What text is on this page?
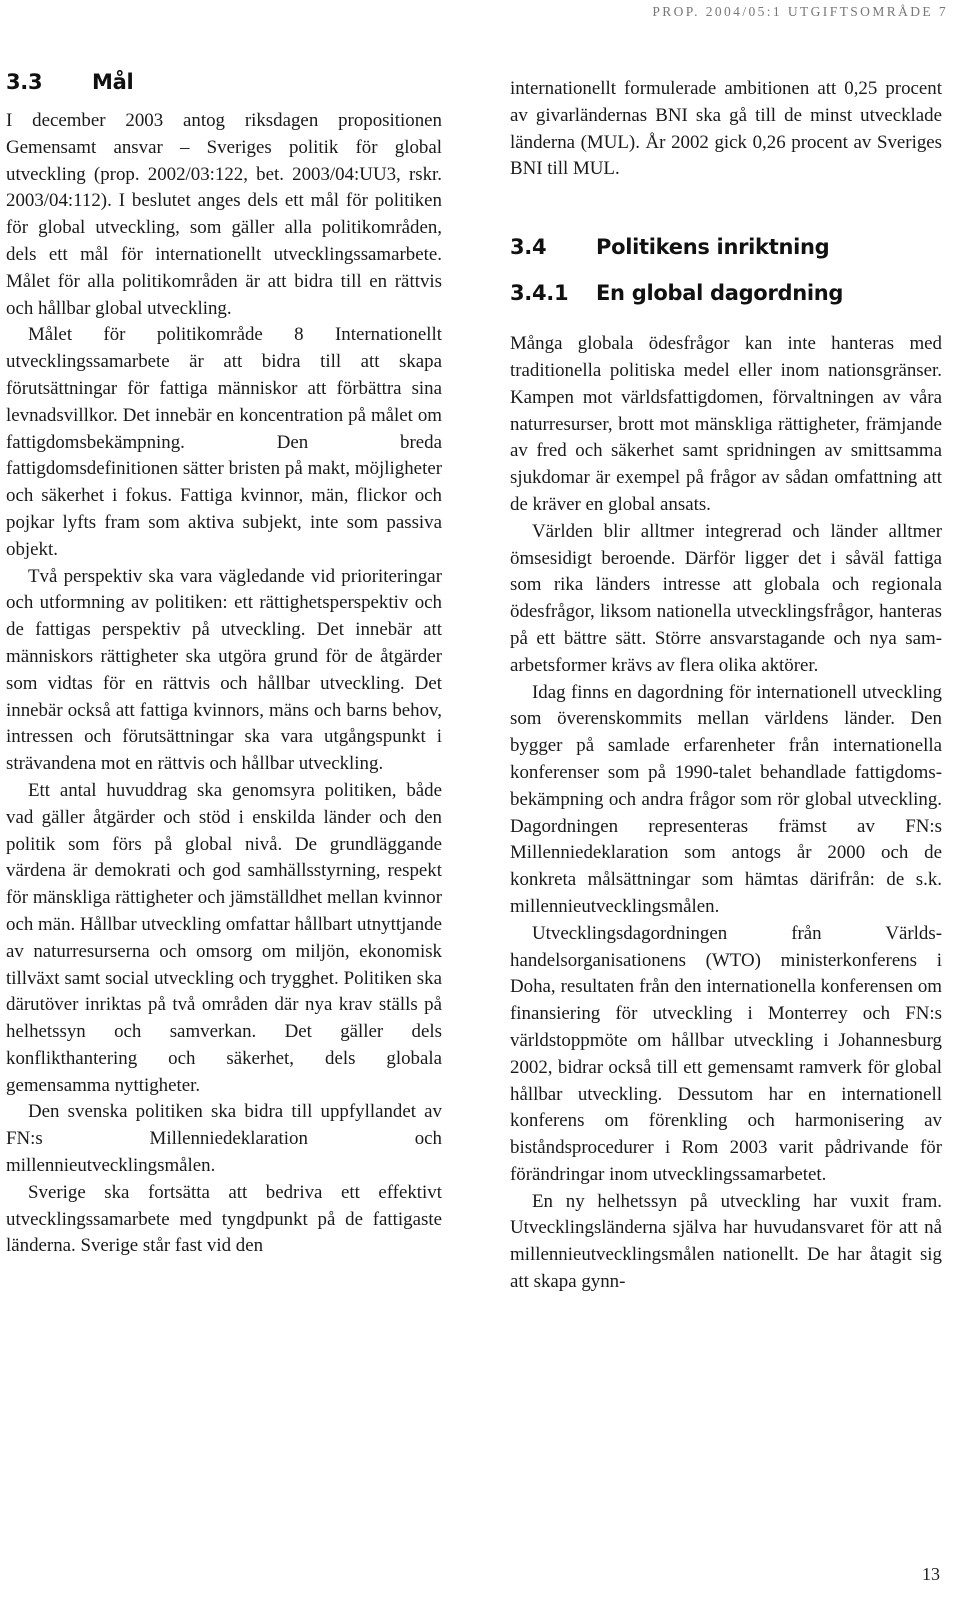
PROP. 2004/05:1 UTGIFTSOMRÅDE 7
3.3 Mål

I december 2003 antog riksdagen propositionen Gemensamt ansvar – Sveriges politik för global utveckling (prop. 2002/03:122, bet. 2003/04:UU3, rskr. 2003/04:112). I beslutet anges dels ett mål för politiken för global utveckling, som gäller alla politikområden, dels ett mål för internationellt utvecklingssamarbete. Målet för alla politikområden är att bidra till en rättvis och hållbar global utveckling.

Målet för politikområde 8 Internationellt utvecklingssamarbete är att bidra till att skapa förutsättningar för fattiga människor att förbättra sina levnadsvillkor. Det innebär en koncentration på målet om fattigdomsbekämpning. Den breda fattigdomsdefinitionen sätter bristen på makt, möjligheter och säkerhet i fokus. Fattiga kvinnor, män, flickor och pojkar lyfts fram som aktiva subjekt, inte som passiva objekt.

Två perspektiv ska vara vägledande vid prioriteringar och utformning av politiken: ett rättighetsperspektiv och de fattigas perspektiv på utveckling. Det innebär att människors rättigheter ska utgöra grund för de åtgärder som vidtas för en rättvis och hållbar utveckling. Det innebär också att fattiga kvinnors, mäns och barns behov, intressen och förutsättningar ska vara utgångspunkt i strävandena mot en rättvis och hållbar utveckling.

Ett antal huvuddrag ska genomsyra politiken, både vad gäller åtgärder och stöd i enskilda länder och den politik som förs på global nivå. De grundläggande värdena är demokrati och god samhällsstyrning, respekt för mänskliga rättigheter och jämställdhet mellan kvinnor och män. Hållbar utveckling omfattar hållbart utnyttjande av naturresurserna och omsorg om miljön, ekonomisk tillväxt samt social utveckling och trygghet. Politiken ska därutöver inriktas på två områden där nya krav ställs på helhetssyn och samverkan. Det gäller dels konflikthantering och säkerhet, dels globala gemensamma nyttigheter.

Den svenska politiken ska bidra till uppfyllandet av FN:s Millenniedeklaration och millennieutvecklingsmålen.

Sverige ska fortsätta att bedriva ett effektivt utvecklingssamarbete med tyngdpunkt på de fattigaste länderna. Sverige står fast vid den

internationellt formulerade ambitionen att 0,25 procent av givarländernas BNI ska gå till de minst utvecklade länderna (MUL). År 2002 gick 0,26 procent av Sveriges BNI till MUL.

3.4 Politikens inriktning
3.4.1 En global dagordning

Många globala ödesfrågor kan inte hanteras med traditionella politiska medel eller inom nationsgränser. Kampen mot världsfattigdomen, förvaltningen av våra naturresurser, brott mot mänskliga rättigheter, främjande av fred och säkerhet samt spridningen av smittsamma sjukdomar är exempel på frågor av sådan omfattning att de kräver en global ansats.

Världen blir alltmer integrerad och länder alltmer ömsesidigt beroende. Därför ligger det i såväl fattiga som rika länders intresse att globala och regionala ödesfrågor, liksom nationella utvecklingsfrågor, hanteras på ett bättre sätt. Större ansvarstagande och nya samarbetsformer krävs av flera olika aktörer.

Idag finns en dagordning för internationell utveckling som överenskommits mellan världens länder. Den bygger på samlade erfarenheter från internationella konferenser som på 1990-talet behandlade fattigdomsbekämpning och andra frågor som rör global utveckling. Dagordningen representeras främst av FN:s Millenniedeklaration som antogs år 2000 och de konkreta målsättningar som hämtas därifrån: de s.k. millennieutvecklingsmålen.

Utvecklingsdagordningen från Världshandelsorganisationens (WTO) ministerkonferens i Doha, resultaten från den internationella konferensen om finansiering för utveckling i Monterrey och FN:s världstoppmöte om hållbar utveckling i Johannesburg 2002, bidrar också till ett gemensamt ramverk för global hållbar utveckling. Dessutom har en internationell konferens om förenkling och harmonisering av biståndsprocedurer i Rom 2003 varit pådrivande för förändringar inom utvecklingssamarbetet.

En ny helhetssyn på utveckling har vuxit fram. Utvecklingsländerna själva har huvudansvaret för att nå millennieutvecklingsmålen nationellt. De har åtagit sig att skapa gynn-

13
